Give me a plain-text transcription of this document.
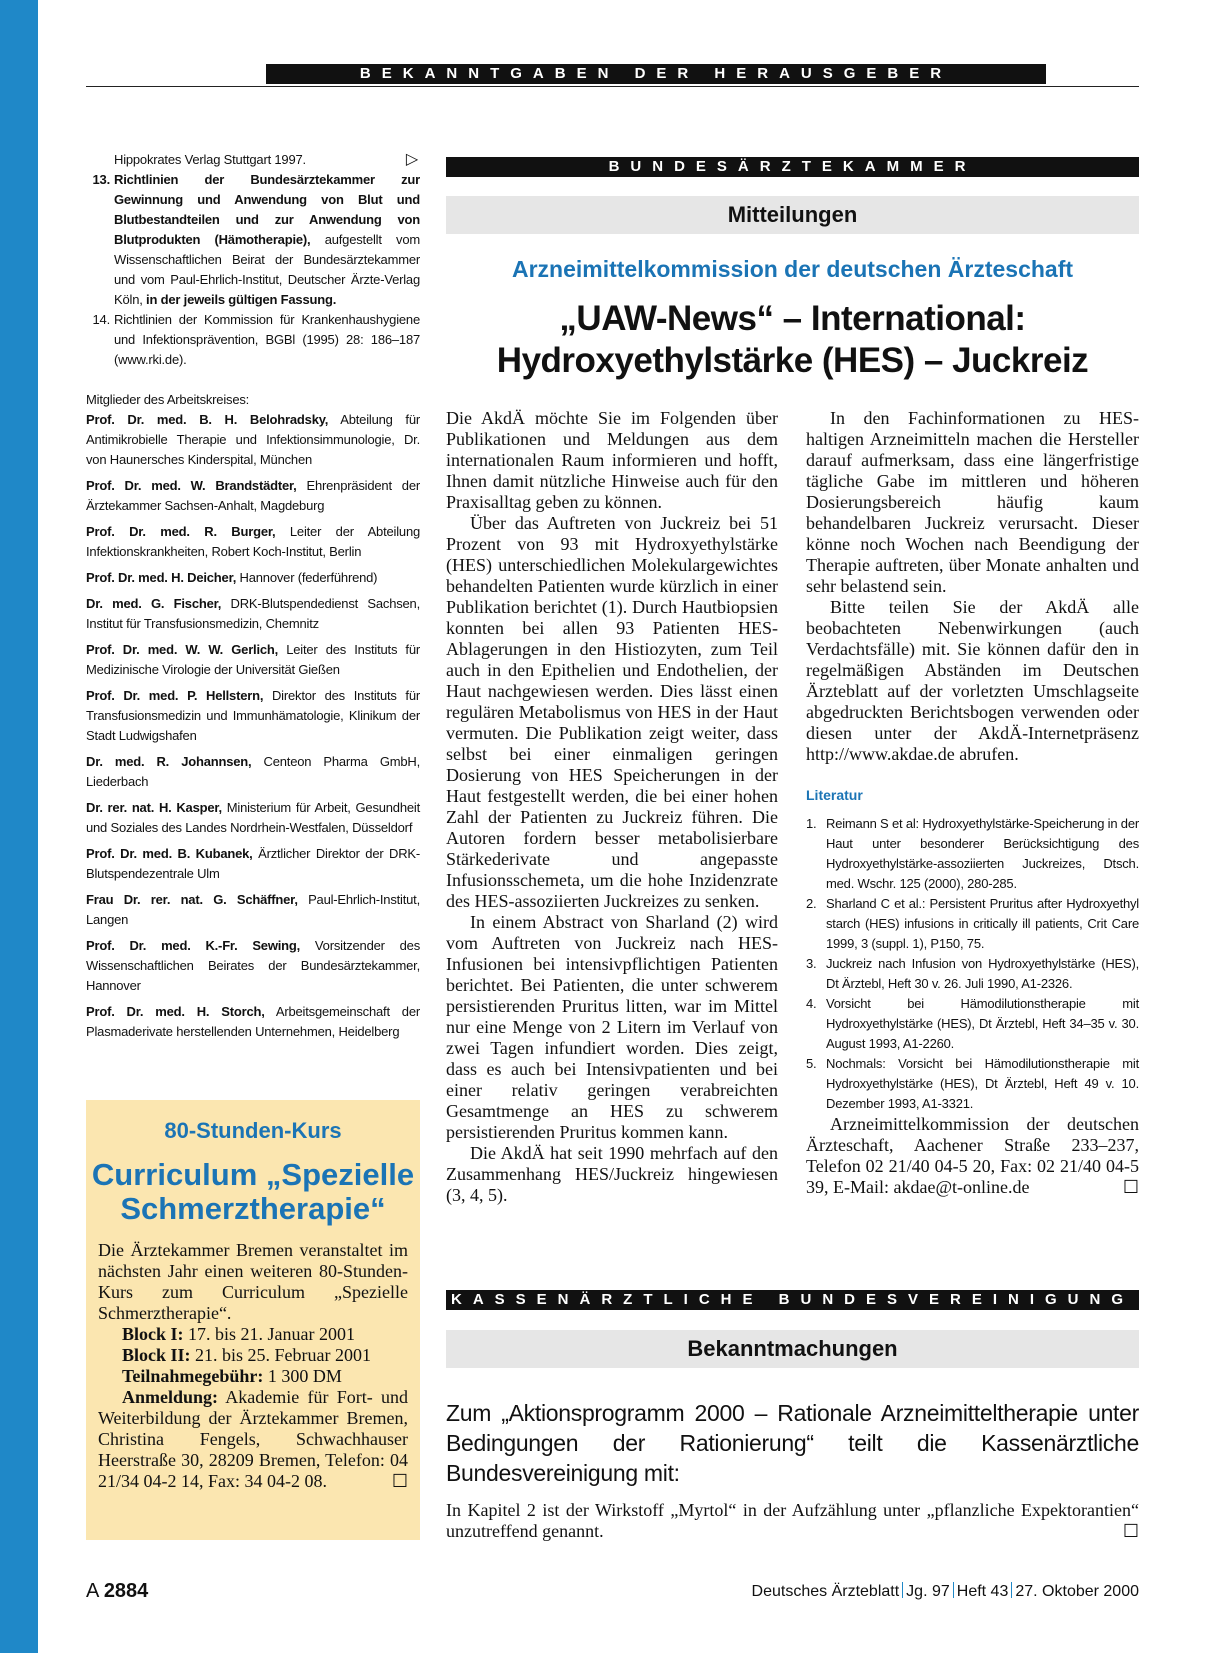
BEKANNTGABEN DER HERAUSGEBER
▷
Hippokrates Verlag Stuttgart 1997.
13. Richtlinien der Bundesärztekammer zur Gewinnung und Anwendung von Blut und Blutbestandteilen und zur Anwendung von Blutprodukten (Hämotherapie), aufgestellt vom Wissenschaftlichen Beirat der Bundesärztekammer und vom Paul-Ehrlich-Institut, Deutscher Ärzte-Verlag Köln, in der jeweils gültigen Fassung.
14. Richtlinien der Kommission für Krankenhaushygiene und Infektionsprävention, BGBl (1995) 28: 186–187 (www.rki.de).
Mitglieder des Arbeitskreises:
Prof. Dr. med. B. H. Belohradsky, Abteilung für Antimikrobielle Therapie und Infektionsimmunologie, Dr. von Haunersches Kinderspital, München
Prof. Dr. med. W. Brandstädter, Ehrenpräsident der Ärztekammer Sachsen-Anhalt, Magdeburg
Prof. Dr. med. R. Burger, Leiter der Abteilung Infektionskrankheiten, Robert Koch-Institut, Berlin
Prof. Dr. med. H. Deicher, Hannover (federführend)
Dr. med. G. Fischer, DRK-Blutspendedienst Sachsen, Institut für Transfusionsmedizin, Chemnitz
Prof. Dr. med. W. W. Gerlich, Leiter des Instituts für Medizinische Virologie der Universität Gießen
Prof. Dr. med. P. Hellstern, Direktor des Instituts für Transfusionsmedizin und Immunhämatologie, Klinikum der Stadt Ludwigshafen
Dr. med. R. Johannsen, Centeon Pharma GmbH, Liederbach
Dr. rer. nat. H. Kasper, Ministerium für Arbeit, Gesundheit und Soziales des Landes Nordrhein-Westfalen, Düsseldorf
Prof. Dr. med. B. Kubanek, Ärztlicher Direktor der DRK-Blutspendezentrale Ulm
Frau Dr. rer. nat. G. Schäffner, Paul-Ehrlich-Institut, Langen
Prof. Dr. med. K.-Fr. Sewing, Vorsitzender des Wissenschaftlichen Beirates der Bundesärztekammer, Hannover
Prof. Dr. med. H. Storch, Arbeitsgemeinschaft der Plasmaderivate herstellenden Unternehmen, Heidelberg
80-Stunden-Kurs
Curriculum „Spezielle
Schmerztherapie“
Die Ärztekammer Bremen veranstaltet im nächsten Jahr einen weiteren 80-Stunden-Kurs zum Curriculum „Spezielle Schmerztherapie“.
Block I: 17. bis 21. Januar 2001
Block II: 21. bis 25. Februar 2001
Teilnahmegebühr: 1 300 DM
Anmeldung: Akademie für Fort- und Weiterbildung der Ärztekammer Bremen, Christina Fengels, Schwachhauser Heerstraße 30, 28209 Bremen, Telefon: 04 21/34 04-2 14, Fax: 34 04-2 08.	☐
BUNDESÄRZTEKAMMER
Mitteilungen
Arzneimittelkommission der deutschen Ärzteschaft
„UAW-News“ – International:
Hydroxyethylstärke (HES) – Juckreiz

Die AkdÄ möchte Sie im Folgenden über Publikationen und Meldungen aus dem internationalen Raum informieren und hofft, Ihnen damit nützliche Hinweise auch für den Praxisalltag geben zu können.

Über das Auftreten von Juckreiz bei 51 Prozent von 93 mit Hydroxyethylstärke (HES) unterschiedlichen Molekulargewichtes behandelten Patienten wurde kürzlich in einer Publikation berichtet (1). Durch Hautbiopsien konnten bei allen 93 Patienten HES-Ablagerungen in den Histiozyten, zum Teil auch in den Epithelien und Endothelien, der Haut nachgewiesen werden. Dies lässt einen regulären Metabolismus von HES in der Haut vermuten. Die Publikation zeigt weiter, dass selbst bei einer einmaligen geringen Dosierung von HES Speicherungen in der Haut festgestellt werden, die bei einer hohen Zahl der Patienten zu Juckreiz führen. Die Autoren fordern besser metabolisierbare Stärkederivate und angepasste Infusionsschemeta, um die hohe Inzidenzrate des HES-assoziierten Juckreizes zu senken.

In einem Abstract von Sharland (2) wird vom Auftreten von Juckreiz nach HES-Infusionen bei intensivpflichtigen Patienten berichtet. Bei Patienten, die unter schwerem persistierenden Pruritus litten, war im Mittel nur eine Menge von 2 Litern im Verlauf von zwei Tagen infundiert worden. Dies zeigt, dass es auch bei Intensivpatienten und bei einer relativ geringen verabreichten Gesamtmenge an HES zu schwerem persistierenden Pruritus kommen kann.

Die AkdÄ hat seit 1990 mehrfach auf den Zusammenhang HES/Juckreiz hingewiesen (3, 4, 5).

In den Fachinformationen zu HES-haltigen Arzneimitteln machen die Hersteller darauf aufmerksam, dass eine längerfristige tägliche Gabe im mittleren und höheren Dosierungsbereich häufig kaum behandelbaren Juckreiz verursacht. Dieser könne noch Wochen nach Beendigung der Therapie auftreten, über Monate anhalten und sehr belastend sein.

Bitte teilen Sie der AkdÄ alle beobachteten Nebenwirkungen (auch Verdachtsfälle) mit. Sie können dafür den in regelmäßigen Abständen im Deutschen Ärzteblatt auf der vorletzten Umschlagseite abgedruckten Berichtsbogen verwenden oder diesen unter der AkdÄ-Internetpräsenz http://www.akdae.de abrufen.

Literatur
1. Reimann S et al: Hydroxyethylstärke-Speicherung in der Haut unter besonderer Berücksichtigung des Hydroxyethylstärke-assoziierten Juckreizes, Dtsch. med. Wschr. 125 (2000), 280-285.
2. Sharland C et al.: Persistent Pruritus after Hydroxyethyl starch (HES) infusions in critically ill patients, Crit Care 1999, 3 (suppl. 1), P150, 75.
3. Juckreiz nach Infusion von Hydroxyethylstärke (HES), Dt Ärztebl, Heft 30 v. 26. Juli 1990, A1-2326.
4. Vorsicht bei Hämodilutionstherapie mit Hydroxyethylstärke (HES), Dt Ärztebl, Heft 34–35 v. 30. August 1993, A1-2260.
5. Nochmals: Vorsicht bei Hämodilutionstherapie mit Hydroxyethylstärke (HES), Dt Ärztebl, Heft 49 v. 10. Dezember 1993, A1-3321.

Arzneimittelkommission der deutschen Ärzteschaft, Aachener Straße 233–237, Telefon 02 21/40 04-5 20, Fax: 02 21/40 04-5 39, E-Mail: akdae@t-online.de	☐

KASSENÄRZTLICHE BUNDESVEREINIGUNG
Bekanntmachungen
Zum „Aktionsprogramm 2000 – Rationale Arzneimitteltherapie unter Bedingungen der Rationierung“ teilt die Kassenärztliche Bundesvereinigung mit:
In Kapitel 2 ist der Wirkstoff „Myrtol“ in der Aufzählung unter „pflanzliche Expektorantien“ unzutreffend genannt.	☐
A 2884	Deutsches Ärzteblatt Jg. 97 Heft 43 27. Oktober 2000
